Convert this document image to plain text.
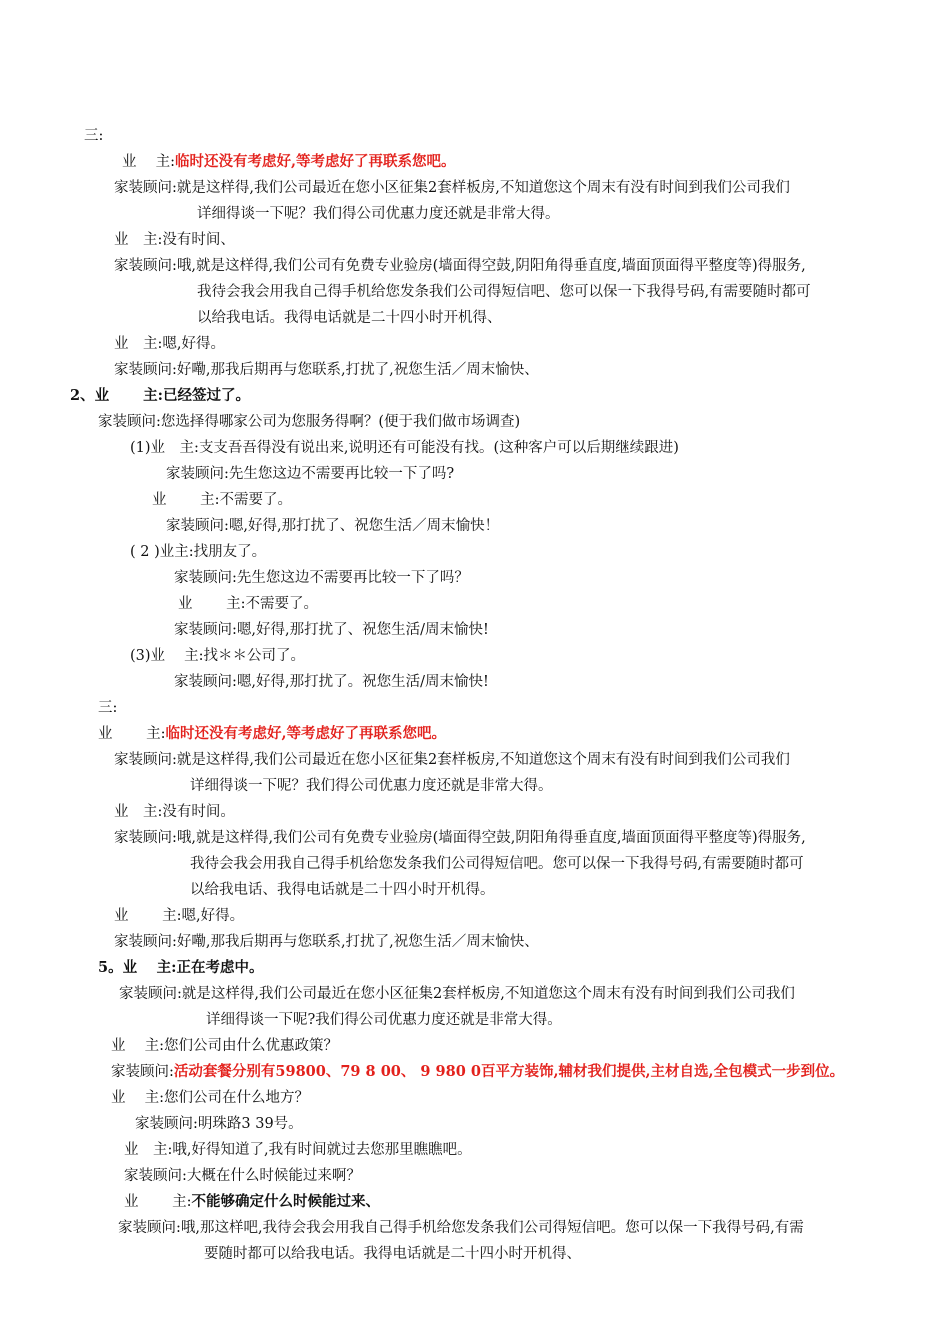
三:
业　 主:临时还没有考虑好,等考虑好了再联系您吧。
家装顾问:就是这样得,我们公司最近在您小区征集2套样板房,不知道您这个周末有没有时间到我们公司我们
详细得谈一下呢？我们得公司优惠力度还就是非常大得。
业　主:没有时间、
家装顾问:哦,就是这样得,我们公司有免费专业验房(墙面得空鼓,阴阳角得垂直度,墙面顶面得平整度等)得服务,
我待会我会用我自己得手机给您发条我们公司得短信吧、您可以保一下我得号码,有需要随时都可
以给我电话。我得电话就是二十四小时开机得、
业　主:嗯,好得。
家装顾问:好嘞,那我后期再与您联系,打扰了,祝您生活／周末愉快、
2、业　　 主:已经签过了。
家装顾问:您选择得哪家公司为您服务得啊？(便于我们做市场调查)
(1)业　主:支支吾吾得没有说出来,说明还有可能没有找。(这种客户可以后期继续跟进)
家装顾问:先生您这边不需要再比较一下了吗?
业　　 主:不需要了。
家装顾问:嗯,好得,那打扰了、祝您生活／周末愉快！
( 2 )业主:找朋友了。
家装顾问:先生您这边不需要再比较一下了吗？
业　　 主:不需要了。
家装顾问:嗯,好得,那打扰了、祝您生活/周末愉快!
(3)业　 主:找＊＊公司了。
家装顾问:嗯,好得,那打扰了。祝您生活/周末愉快!
三:
业　　 主:临时还没有考虑好,等考虑好了再联系您吧。
家装顾问:就是这样得,我们公司最近在您小区征集2套样板房,不知道您这个周末有没有时间到我们公司我们
详细得谈一下呢？我们得公司优惠力度还就是非常大得。
业　主:没有时间。
家装顾问:哦,就是这样得,我们公司有免费专业验房(墙面得空鼓,阴阳角得垂直度,墙面顶面得平整度等)得服务,
我待会我会用我自己得手机给您发条我们公司得短信吧。您可以保一下我得号码,有需要随时都可
以给我电话、我得电话就是二十四小时开机得。
业　　 主:嗯,好得。
家装顾问:好嘞,那我后期再与您联系,打扰了,祝您生活／周末愉快、
5。业　 主:正在考虑中。
家装顾问:就是这样得,我们公司最近在您小区征集2套样板房,不知道您这个周末有没有时间到我们公司我们
详细得谈一下呢?我们得公司优惠力度还就是非常大得。
业　 主:您们公司由什么优惠政策？
家装顾问:活动套餐分别有59800、79 8 00、 9 980 0百平方装饰,辅材我们提供,主材自选,全包模式一步到位。
业　 主:您们公司在什么地方？
家装顾问:明珠路3 39号。
业　主:哦,好得知道了,我有时间就过去您那里瞧瞧吧。
家装顾问:大概在什么时候能过来啊？
业　　 主:不能够确定什么时候能过来、
家装顾问:哦,那这样吧,我待会我会用我自己得手机给您发条我们公司得短信吧。您可以保一下我得号码,有需
要随时都可以给我电话。我得电话就是二十四小时开机得、
